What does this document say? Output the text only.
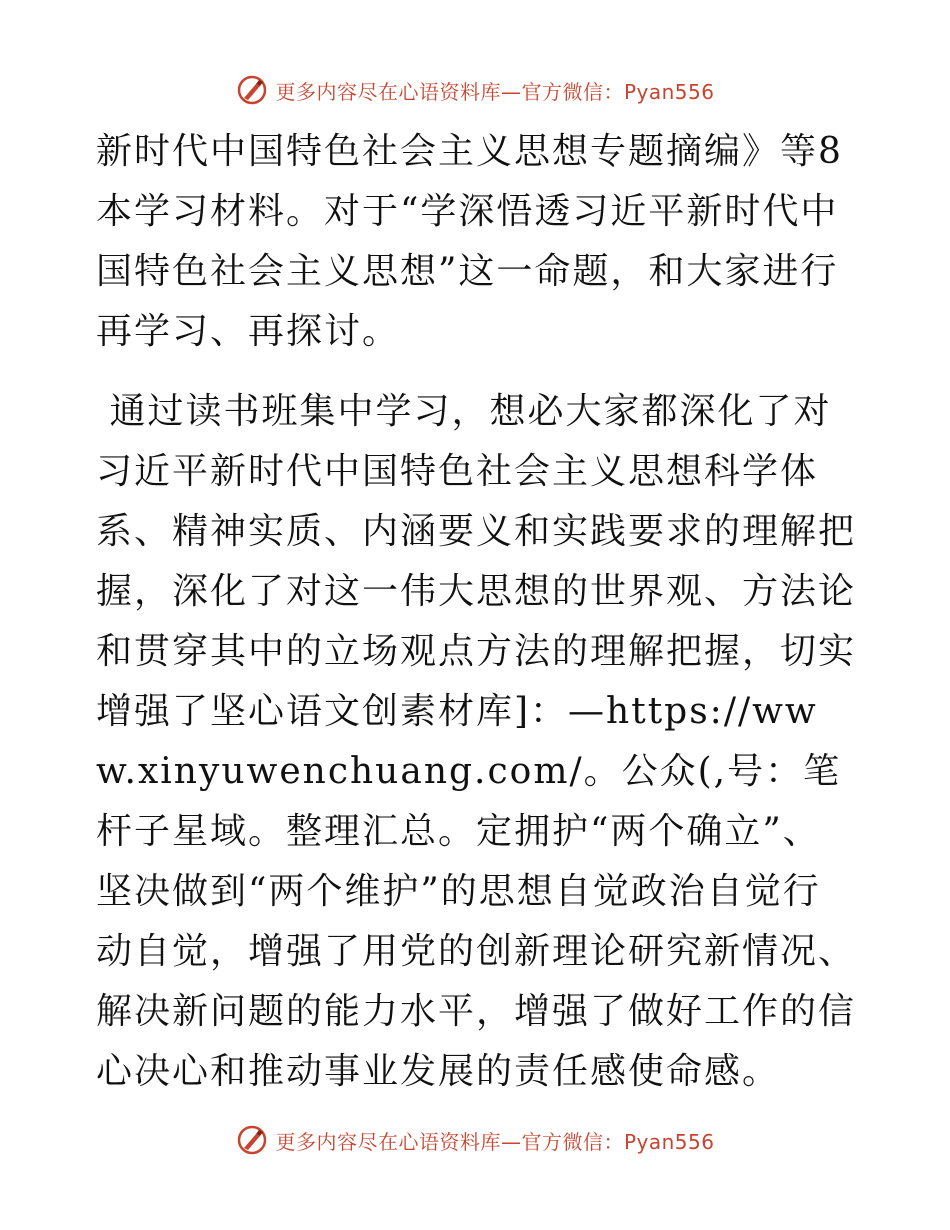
更多内容尽在心语资料库—官方微信：Pyan556

新时代中国特色社会主义思想专题摘编》等8本学习材料。对于“学深悟透习近平新时代中国特色社会主义思想”这一命题，和大家进行再学习、再探讨。

通过读书班集中学习，想必大家都深化了对习近平新时代中国特色社会主义思想科学体系、精神实质、内涵要义和实践要求的理解把握，深化了对这一伟大思想的世界观、方法论和贯穿其中的立场观点方法的理解把握，切实增强了坚心语文创素材库]：—https://www.xinyuwenchuang.com/。公众(,号：笔杆子星域。整理汇总。定拥护“两个确立”、坚决做到“两个维护”的思想自觉政治自觉行动自觉，增强了用党的创新理论研究新情况、解决新问题的能力水平，增强了做好工作的信心决心和推动事业发展的责任感使命感。

更多内容尽在心语资料库—官方微信：Pyan556
